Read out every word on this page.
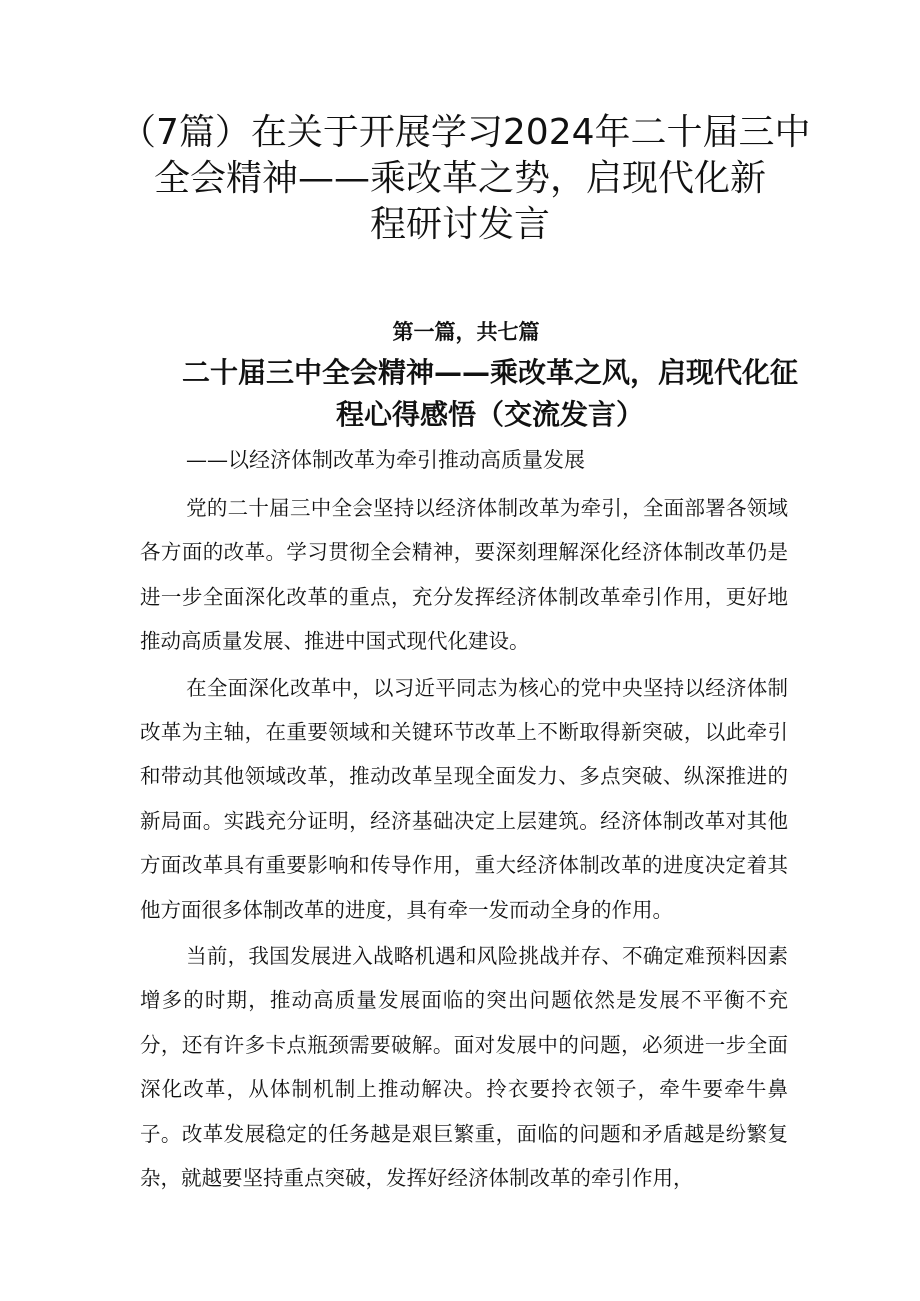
（7篇）在关于开展学习2024年二十届三中
全会精神——乘改革之势，启现代化新
程研讨发言

第一篇，共七篇

二十届三中全会精神——乘改革之风，启现代化征
程心得感悟（交流发言）

——以经济体制改革为牵引推动高质量发展

党的二十届三中全会坚持以经济体制改革为牵引，全面部署各领域各方面的改革。学习贯彻全会精神，要深刻理解深化经济体制改革仍是进一步全面深化改革的重点，充分发挥经济体制改革牵引作用，更好地推动高质量发展、推进中国式现代化建设。

在全面深化改革中，以习近平同志为核心的党中央坚持以经济体制改革为主轴，在重要领域和关键环节改革上不断取得新突破，以此牵引和带动其他领域改革，推动改革呈现全面发力、多点突破、纵深推进的新局面。实践充分证明，经济基础决定上层建筑。经济体制改革对其他方面改革具有重要影响和传导作用，重大经济体制改革的进度决定着其他方面很多体制改革的进度，具有牵一发而动全身的作用。

当前，我国发展进入战略机遇和风险挑战并存、不确定难预料因素增多的时期，推动高质量发展面临的突出问题依然是发展不平衡不充分，还有许多卡点瓶颈需要破解。面对发展中的问题，必须进一步全面深化改革，从体制机制上推动解决。拎衣要拎衣领子，牵牛要牵牛鼻子。改革发展稳定的任务越是艰巨繁重，面临的问题和矛盾越是纷繁复杂，就越要坚持重点突破，发挥好经济体制改革的牵引作用，
